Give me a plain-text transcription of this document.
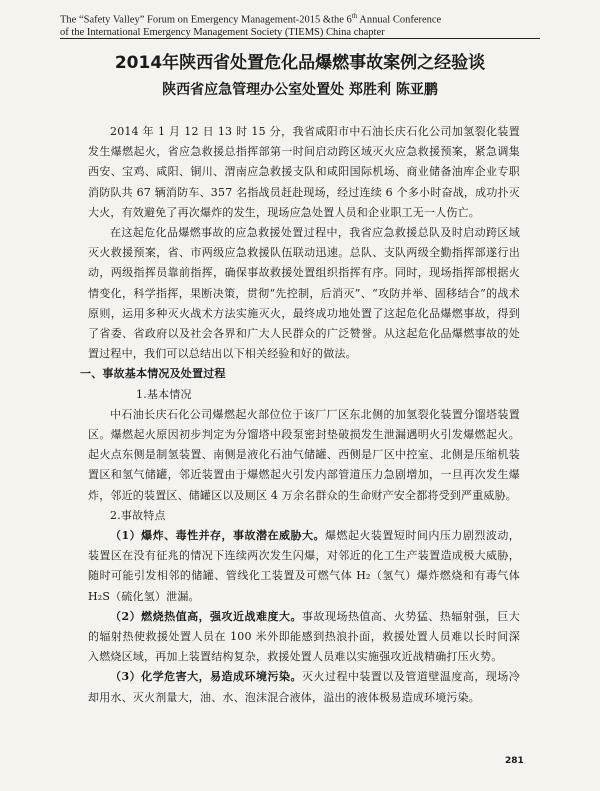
The “Safety Valley” Forum on Emergency Management-2015 &the 6th Annual Conference
of the International Emergency Management Society (TIEMS) China chapter
2014年陕西省处置危化品爆燃事故案例之经验谈
陕西省应急管理办公室处置处 郑胜利 陈亚鹏

2014 年 1 月 12 日 13 时 15 分，我省咸阳市中石油长庆石化公司加氢裂化装置发生爆燃起火，省应急救援总指挥部第一时间启动跨区域灭火应急救援预案，紧急调集西安、宝鸡、咸阳、铜川、渭南应急救援支队和咸阳国际机场、商业储备油库企业专职消防队共 67 辆消防车、357 名指战员赶赴现场，经过连续 6 个多小时奋战，成功扑灭大火，有效避免了再次爆炸的发生，现场应急处置人员和企业职工无一人伤亡。

在这起危化品爆燃事故的应急救援处置过程中，我省应急救援总队及时启动跨区域灭火救援预案，省、市两级应急救援队伍联动迅速。总队、支队两级全勤指挥部遂行出动，两级指挥员靠前指挥，确保事故救援处置组织指挥有序。同时，现场指挥部根据火情变化，科学指挥，果断决策，贯彻“先控制，后消灭”、“攻防并举、固移结合”的战术原则，运用多种灭火战术方法实施灭火，最终成功地处置了这起危化品爆燃事故，得到了省委、省政府以及社会各界和广大人民群众的广泛赞誉。从这起危化品爆燃事故的处置过程中，我们可以总结出以下相关经验和好的做法。

一、事故基本情况及处置过程
1.基本情况

中石油长庆石化公司爆燃起火部位位于该厂厂区东北侧的加氢裂化装置分馏塔装置区。爆燃起火原因初步判定为分馏塔中段泵密封垫破损发生泄漏遇明火引发爆燃起火。起火点东侧是制氢装置、南侧是液化石油气储罐、西侧是厂区中控室、北侧是压缩机装置区和氢气储罐，邻近装置由于爆燃起火引发内部管道压力急剧增加，一旦再次发生爆炸，邻近的装置区、储罐区以及厕区 4 万余名群众的生命财产安全都将受到严重威胁。

2.事故特点

（1）爆炸、毒性并存，事故潜在威胁大。爆燃起火装置短时间内压力剧烈波动，装置区在没有征兆的情况下连续两次发生闪爆，对邻近的化工生产装置造成极大威胁，随时可能引发相邻的储罐、管线化工装置及可燃气体 H₂（氢气）爆炸燃烧和有毒气体 H₂S（硫化氢）泄漏。

（2）燃烧热值高，强攻近战难度大。事故现场热值高、火势猛、热辐射强，巨大的辐射热使救援处置人员在 100 米外即能感到热浪扑面，救援处置人员难以长时间深入燃烧区域，再加上装置结构复杂，救援处置人员难以实施强攻近战精确打压火势。

（3）化学危害大，易造成环境污染。灭火过程中装置以及管道壁温度高，现场冷却用水、灭火剂量大，油、水、泡沫混合液体，溢出的液体极易造成环境污染。

281
